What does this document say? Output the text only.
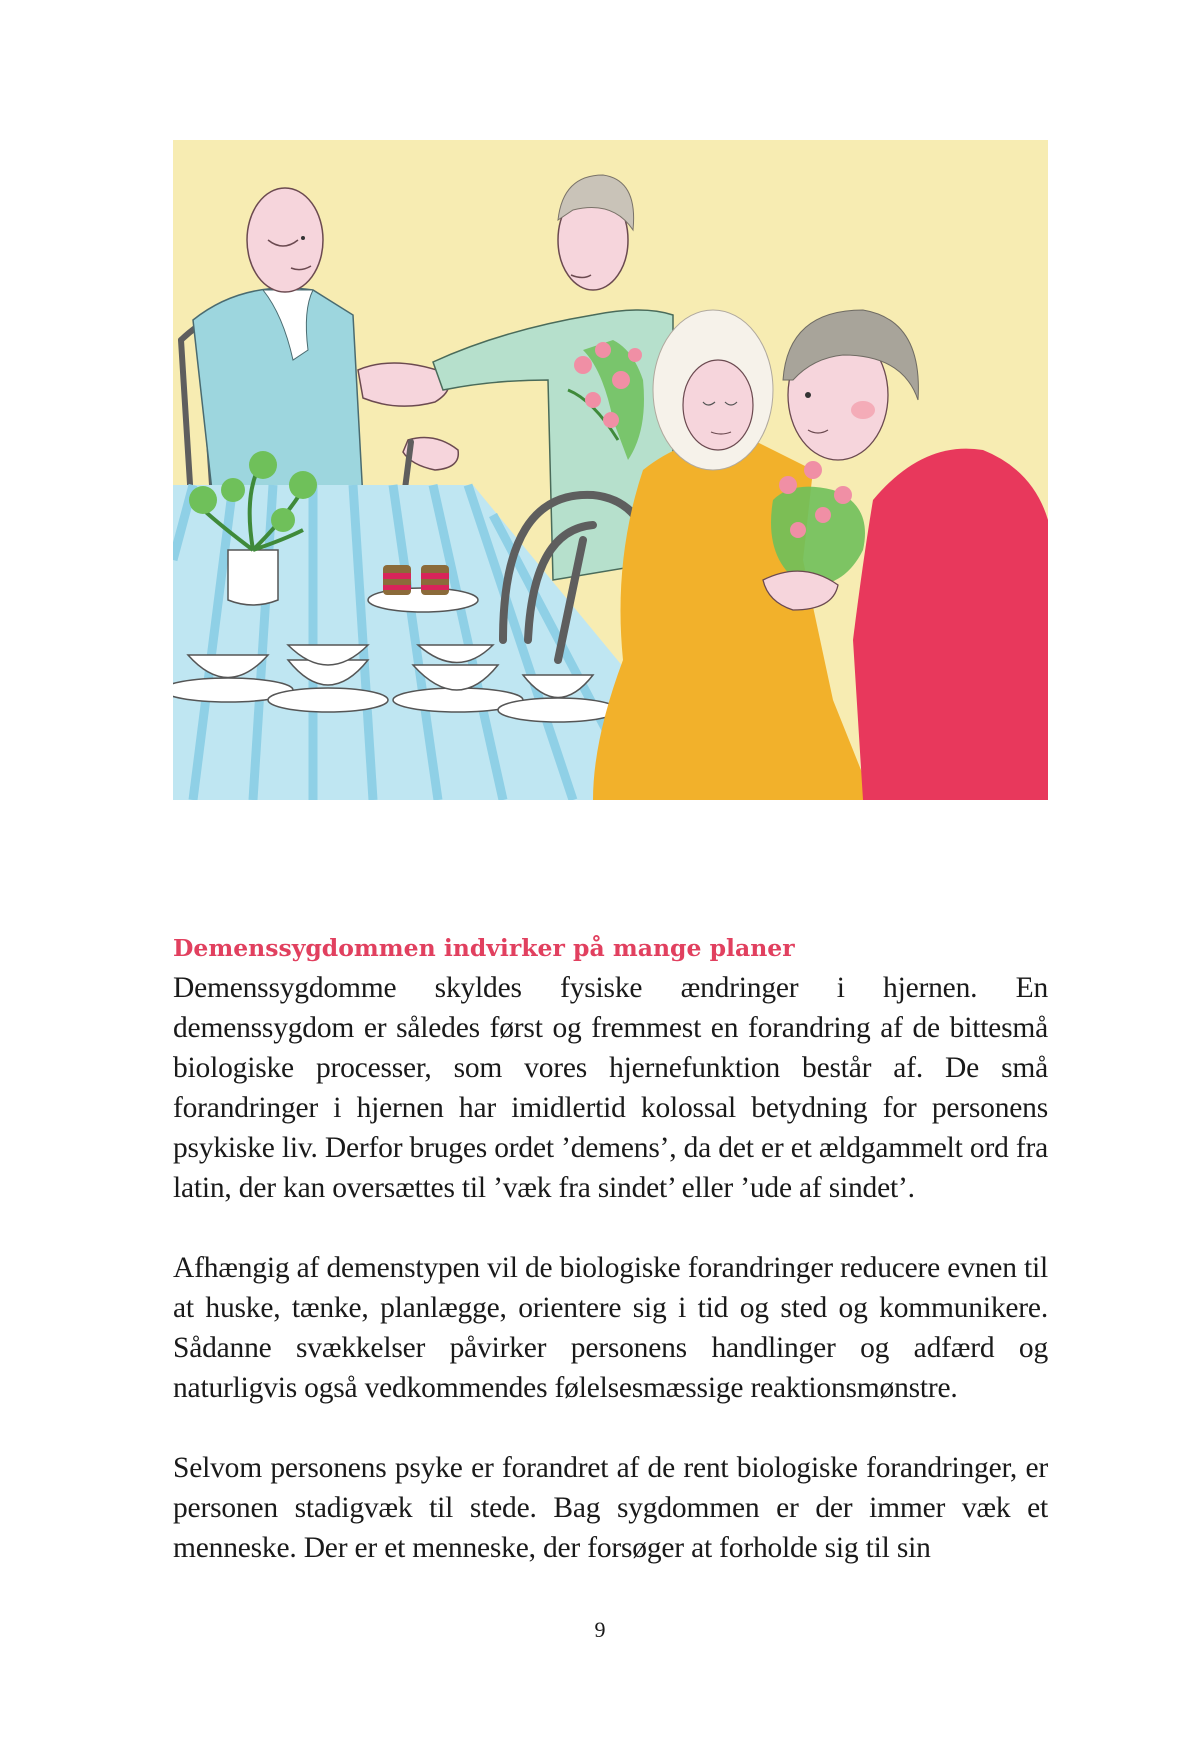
Demenssygdommen indvirker på mange planer

Demenssygdomme skyldes fysiske ændringer i hjernen. En demenssygdom er således først og fremmest en forandring af de bittesmå biologiske processer, som vores hjernefunktion består af. De små forandringer i hjernen har imidlertid kolossal betydning for personens psykiske liv. Derfor bruges ordet ’demens’, da det er et ældgammelt ord fra latin, der kan oversættes til ’væk fra sindet’ eller ’ude af sindet’.

Afhængig af demenstypen vil de biologiske forandringer reducere evnen til at huske, tænke, planlægge, orientere sig i tid og sted og kommunikere. Sådanne svækkelser påvirker personens handlinger og adfærd og naturligvis også vedkommendes følelsesmæssige reaktionsmønstre.

Selvom personens psyke er forandret af de rent biologiske forandringer, er personen stadigvæk til stede. Bag sygdommen er der immer væk et menneske. Der er et menneske, der forsøger at forholde sig til sin

9
